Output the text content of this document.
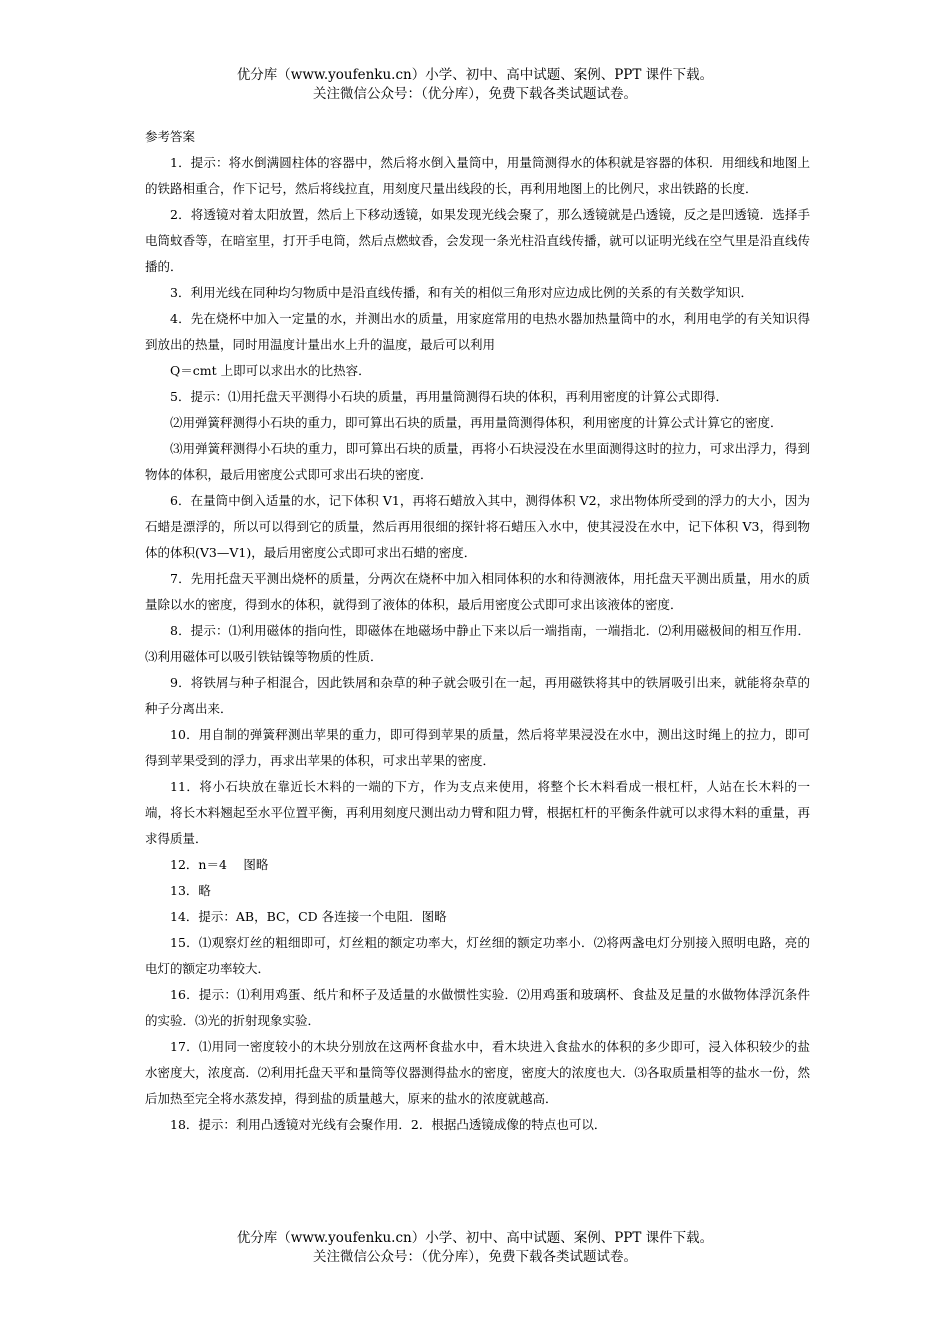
优分库（www.youfenku.cn）小学、初中、高中试题、案例、PPT 课件下载。
关注微信公众号：（优分库），免费下载各类试题试卷。

参考答案

1．提示：将水倒满圆柱体的容器中，然后将水倒入量筒中，用量筒测得水的体积就是容器的体积．用细线和地图上的铁路相重合，作下记号，然后将线拉直，用刻度尺量出线段的长，再利用地图上的比例尺，求出铁路的长度．

2．将透镜对着太阳放置，然后上下移动透镜，如果发现光线会聚了，那么透镜就是凸透镜，反之是凹透镜．选择手电筒蚊香等，在暗室里，打开手电筒，然后点燃蚊香，会发现一条光柱沿直线传播，就可以证明光线在空气里是沿直线传播的．

3．利用光线在同种均匀物质中是沿直线传播，和有关的相似三角形对应边成比例的关系的有关数学知识．

4．先在烧杯中加入一定量的水，并测出水的质量，用家庭常用的电热水器加热量筒中的水，利用电学的有关知识得到放出的热量，同时用温度计量出水上升的温度，最后可以利用

Q＝cmt 上即可以求出水的比热容．

5．提示：⑴用托盘天平测得小石块的质量，再用量筒测得石块的体积，再利用密度的计算公式即得．

⑵用弹簧秤测得小石块的重力，即可算出石块的质量，再用量筒测得体积，利用密度的计算公式计算它的密度．

⑶用弹簧秤测得小石块的重力，即可算出石块的质量，再将小石块浸没在水里面测得这时的拉力，可求出浮力，得到物体的体积，最后用密度公式即可求出石块的密度．

6．在量筒中倒入适量的水，记下体积 V1，再将石蜡放入其中，测得体积 V2，求出物体所受到的浮力的大小，因为石蜡是漂浮的，所以可以得到它的质量，然后再用很细的探针将石蜡压入水中，使其浸没在水中，记下体积 V3，得到物体的体积(V3—V1)，最后用密度公式即可求出石蜡的密度．

7．先用托盘天平测出烧杯的质量，分两次在烧杯中加入相同体积的水和待测液体，用托盘天平测出质量，用水的质量除以水的密度，得到水的体积，就得到了液体的体积，最后用密度公式即可求出该液体的密度．

8．提示：⑴利用磁体的指向性，即磁体在地磁场中静止下来以后一端指南，一端指北．⑵利用磁极间的相互作用．⑶利用磁体可以吸引铁钴镍等物质的性质．

9．将铁屑与种子相混合，因此铁屑和杂草的种子就会吸引在一起，再用磁铁将其中的铁屑吸引出来，就能将杂草的种子分离出来．

10．用自制的弹簧秤测出苹果的重力，即可得到苹果的质量，然后将苹果浸没在水中，测出这时绳上的拉力，即可得到苹果受到的浮力，再求出苹果的体积，可求出苹果的密度．

11．将小石块放在靠近长木料的一端的下方，作为支点来使用，将整个长木料看成一根杠杆，人站在长木料的一端，将长木料翘起至水平位置平衡，再利用刻度尺测出动力臂和阻力臂，根据杠杆的平衡条件就可以求得木料的重量，再求得质量．

12．n＝4　 图略

13．略

14．提示：AB，BC，CD 各连接一个电阻．图略

15．⑴观察灯丝的粗细即可，灯丝粗的额定功率大，灯丝细的额定功率小．⑵将两盏电灯分别接入照明电路，亮的电灯的额定功率较大．

16．提示：⑴利用鸡蛋、纸片和杯子及适量的水做惯性实验．⑵用鸡蛋和玻璃杯、食盐及足量的水做物体浮沉条件的实验．⑶光的折射现象实验．

17．⑴用同一密度较小的木块分别放在这两杯食盐水中，看木块进入食盐水的体积的多少即可，浸入体积较少的盐水密度大，浓度高．⑵利用托盘天平和量筒等仪器测得盐水的密度，密度大的浓度也大．⑶各取质量相等的盐水一份，然后加热至完全将水蒸发掉，得到盐的质量越大，原来的盐水的浓度就越高．

18．提示：利用凸透镜对光线有会聚作用．2．根据凸透镜成像的特点也可以．

优分库（www.youfenku.cn）小学、初中、高中试题、案例、PPT 课件下载。
关注微信公众号：（优分库），免费下载各类试题试卷。
